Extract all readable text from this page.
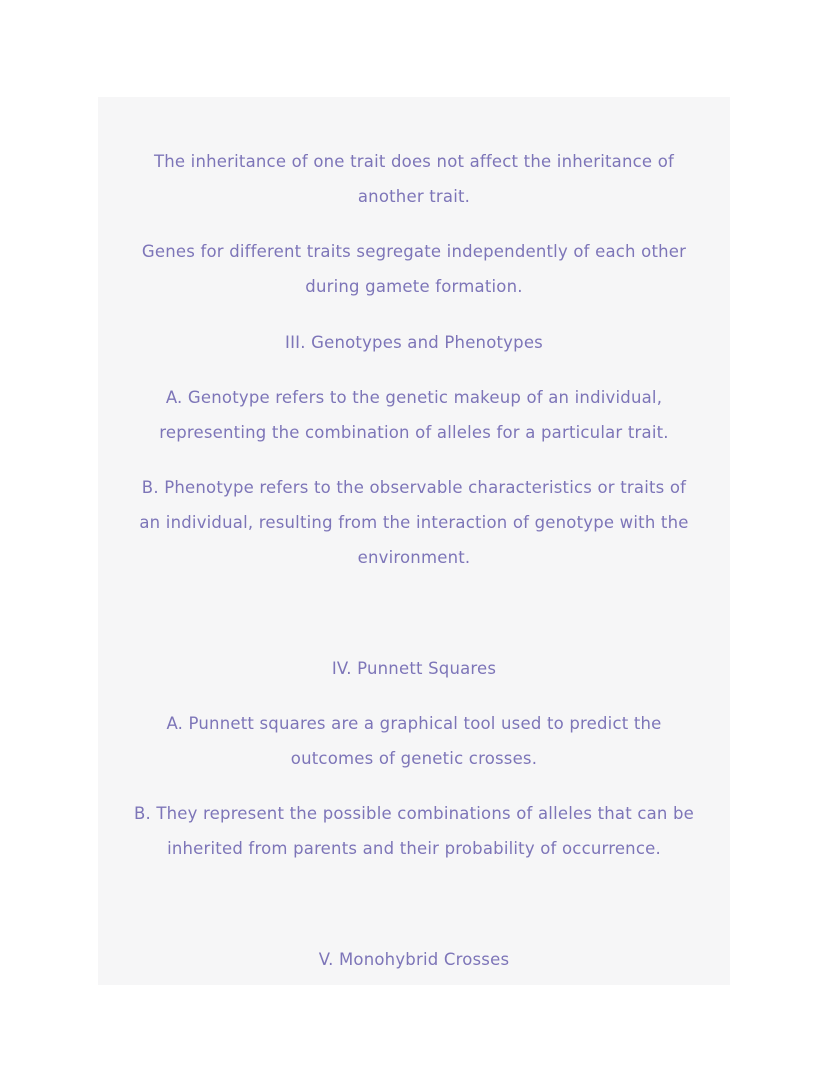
The inheritance of one trait does not affect the inheritance of
another trait.

Genes for different traits segregate independently of each other
during gamete formation.

III. Genotypes and Phenotypes

A. Genotype refers to the genetic makeup of an individual,
representing the combination of alleles for a particular trait.

B. Phenotype refers to the observable characteristics or traits of
an individual, resulting from the interaction of genotype with the
environment.

IV. Punnett Squares

A. Punnett squares are a graphical tool used to predict the
outcomes of genetic crosses.

B. They represent the possible combinations of alleles that can be
inherited from parents and their probability of occurrence.

V. Monohybrid Crosses
